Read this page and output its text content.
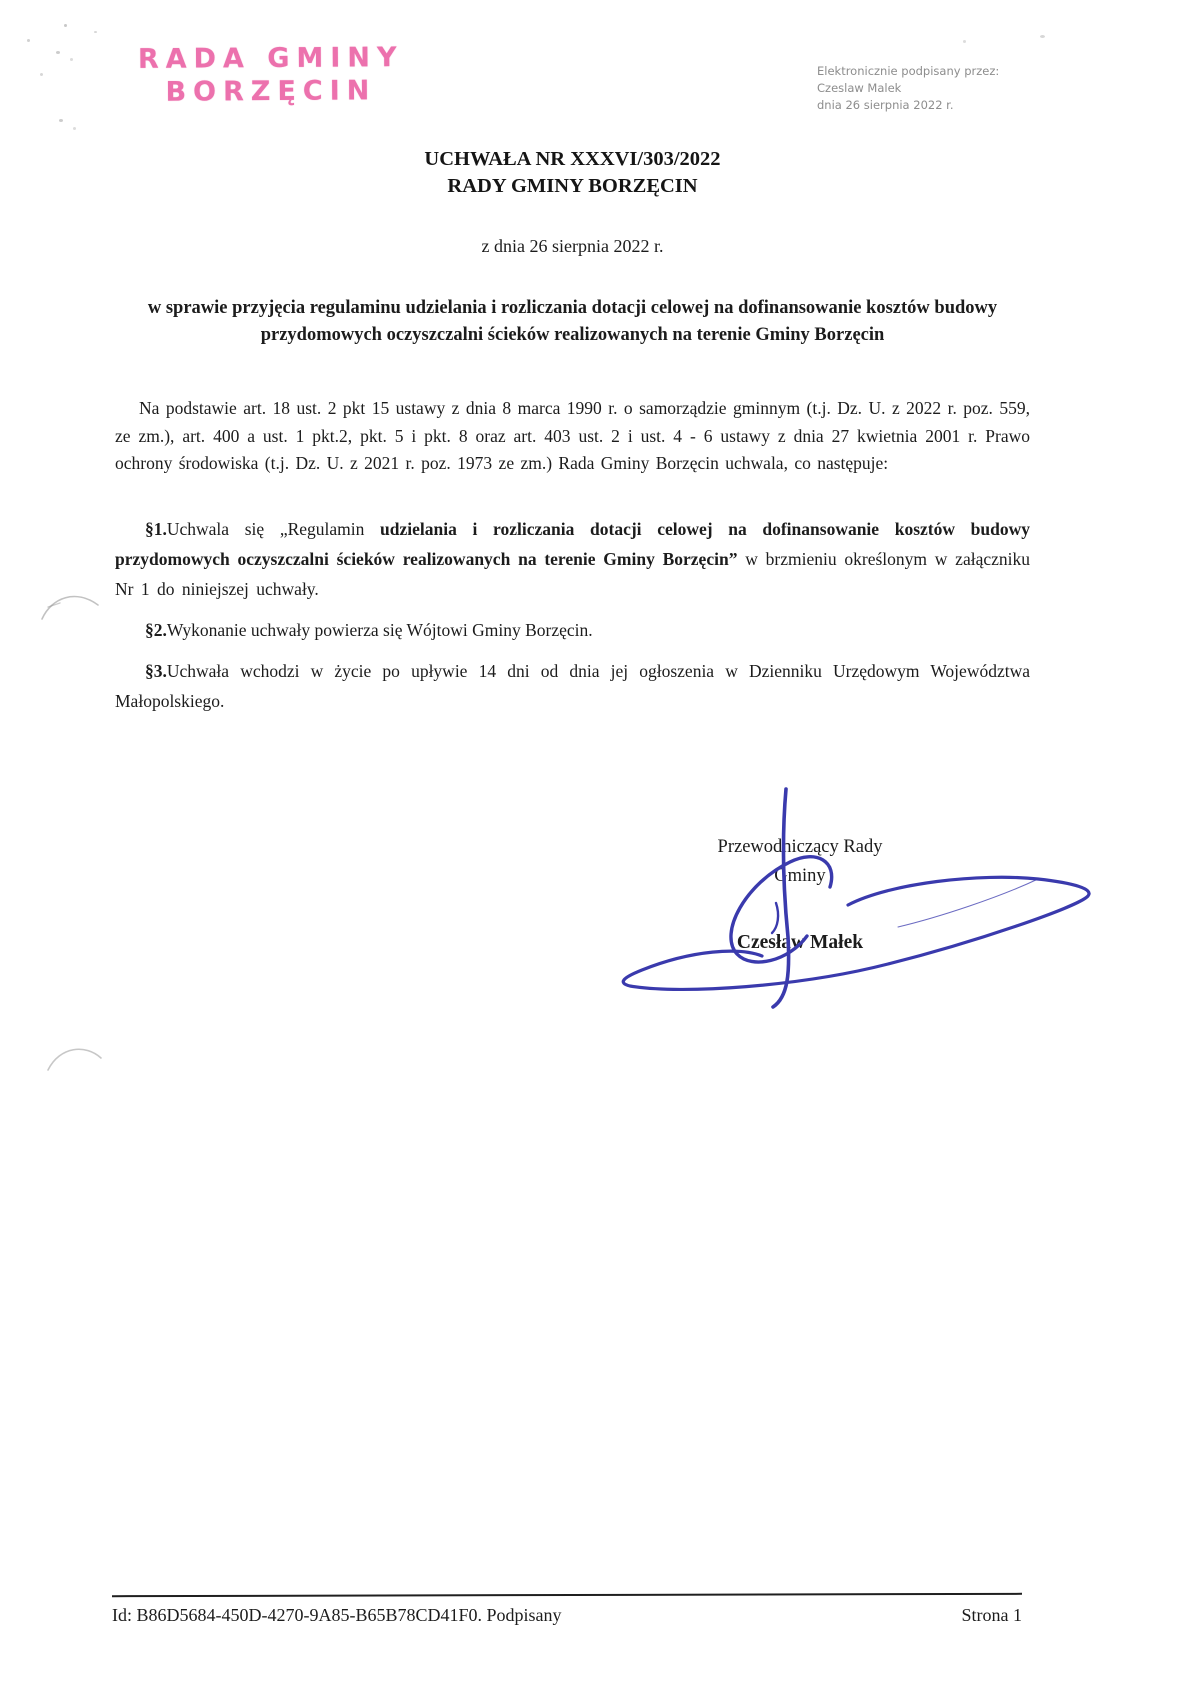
RADA GMINY
BORZĘCIN
Elektronicznie podpisany przez:
Czeslaw Malek
dnia 26 sierpnia 2022 r.
UCHWAŁA NR XXXVI/303/2022
RADY GMINY BORZĘCIN
z dnia 26 sierpnia 2022 r.
w sprawie przyjęcia regulaminu udzielania i rozliczania dotacji celowej na dofinansowanie kosztów budowy przydomowych oczyszczalni ścieków realizowanych na terenie Gminy Borzęcin

Na podstawie art. 18 ust. 2 pkt 15 ustawy z dnia 8 marca 1990 r. o samorządzie gminnym (t.j. Dz. U. z 2022 r. poz. 559, ze zm.), art. 400 a ust. 1 pkt.2, pkt. 5 i pkt. 8 oraz art. 403 ust. 2 i ust. 4 - 6 ustawy z dnia 27 kwietnia 2001 r. Prawo ochrony środowiska (t.j. Dz. U. z 2021 r. poz. 1973 ze zm.) Rada Gminy Borzęcin uchwala, co następuje:

§1.Uchwala się „Regulamin udzielania i rozliczania dotacji celowej na dofinansowanie kosztów budowy przydomowych oczyszczalni ścieków realizowanych na terenie Gminy Borzęcin” w brzmieniu określonym w załączniku Nr 1 do niniejszej uchwały.

§2.Wykonanie uchwały powierza się Wójtowi Gminy Borzęcin.

§3.Uchwała wchodzi w życie po upływie 14 dni od dnia jej ogłoszenia w Dzienniku Urzędowym Województwa Małopolskiego.

Przewodniczący Rady
Gminy
Czesław Małek
Id: B86D5684-450D-4270-9A85-B65B78CD41F0. Podpisany	Strona 1
